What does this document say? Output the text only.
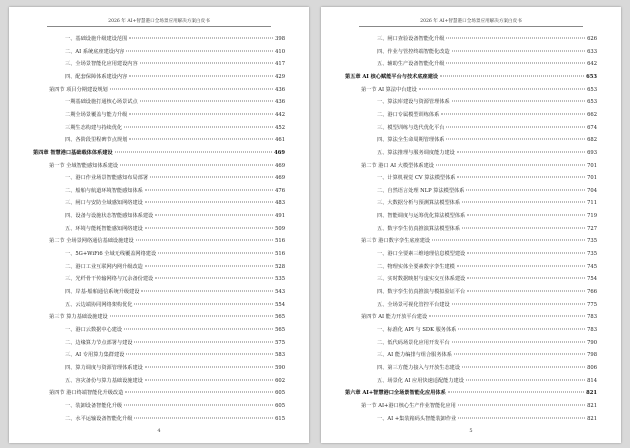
2026 年 AI+智慧港口全场景应用解决方案白皮书
一、基础设施升级建设范围	398
二、AI 系统底座建设内容	410
三、全场景智能化应用建设内容	417
四、配套保障体系建设内容	429
第四节 项目分期建设规划	436
一期基础设施打通核心场景试点	436
二期全场景覆盖与能力升级	442
三期生态构建与持续优化	452
四、各阶段里程碑节点规划	461
第四章 智慧港口基础载体体系建设	469
第一节 全域智能感知体系建设	469
一、港口作业场景智能感知布局部署	469
二、船舶与航道环境智能感知体系	476
三、闸口与安防全域感知网络建设	483
四、设备与设施状态智能感知体系建设	491
五、环境与能耗智能感知网络建设	509
第二节 全场景网络通信基础设施建设	516
一、5G+WiFi6 全域无线覆盖网络建设	516
二、港口工业互联网内网升级改造	528
三、光纤骨干传输网络与冗余备份建设	535
四、岸基-船舶通信系统升级建设	543
五、云边端协同网络架构优化	554
第三节 算力基础设施建设	565
一、港口云数据中心建设	565
二、边缘算力节点部署与建设	575
三、AI 专用算力集群建设	583
四、算力调度与资源管理体系建设	590
五、容灾备份与算力基础设施建设	602
第四节 港口终端智能化升级改造	605
一、装卸设备智能化升级	605
二、水平运输设备智能化升级	615
4
2026 年 AI+智慧港口全场景应用解决方案白皮书
三、闸口查验设备智能化升级	626
四、作业与管控终端智能化改造	633
五、辅助生产设备智能化升级	642
第五章 AI 核心赋能平台与技术底座建设	653
第一节 AI 算法中台建设	653
一、算法库建设与资源管理体系	653
二、港口专属模型训练体系	662
三、模型训练与迭代优化平台	674
四、算法全生命周期管理体系	682
五、算法推理与服务调度能力建设	693
第二节 港口 AI 大模型体系建设	701
一、计算机视觉 CV 算法模型体系	701
二、自然语言处理 NLP 算法模型体系	704
三、大数据分析与预测算法模型体系	711
四、智能调度与运筹优化算法模型体系	719
五、数字孪生仿真推演算法模型体系	727
第三节 港口数字孪生底座建设	735
一、港口全要素三维地理信息模型建设	735
二、物理实体全要素数字孪生建模	745
三、实时数据映射与虚实交互体系建设	754
四、数字孪生仿真推演与模拟验证平台	766
五、全场景可视化管控平台建设	775
第四节 AI 能力开放平台建设	783
一、标准化 API 与 SDK 服务体系	783
二、低代码场景化应用开发平台	790
三、AI 能力编排与组合服务体系	798
四、第三方能力接入与开放生态建设	806
五、场景化 AI 应用快速适配能力建设	814
第六章 AI+智慧港口全场景智能化应用体系	821
第一节 AI+港口核心生产作业智能化应用	821
一、AI +集装箱码头智能装卸作业	821
5
